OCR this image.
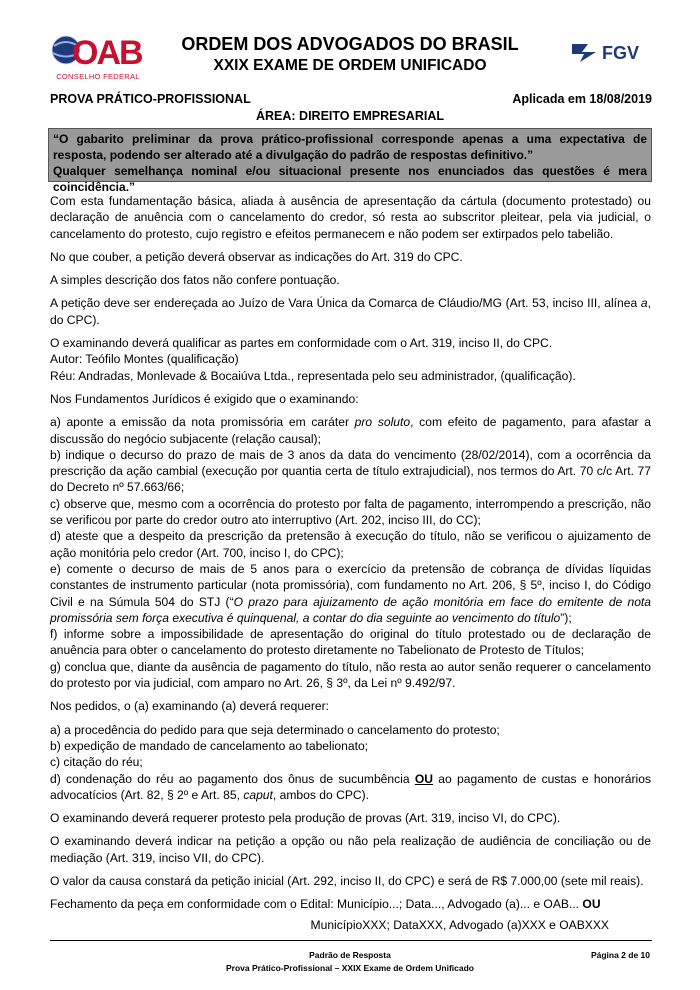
OAB
CONSELHO FEDERAL
ORDEM DOS ADVOGADOS DO BRASIL
XXIX EXAME DE ORDEM UNIFICADO
FGV
PROVA PRÁTICO-PROFISSIONAL	Aplicada em 18/08/2019
ÁREA: DIREITO EMPRESARIAL
“O gabarito preliminar da prova prático-profissional corresponde apenas a uma expectativa de resposta, podendo ser alterado até a divulgação do padrão de respostas definitivo.”
Qualquer semelhança nominal e/ou situacional presente nos enunciados das questões é mera coincidência.”

Com esta fundamentação básica, aliada à ausência de apresentação da cártula (documento protestado) ou declaração de anuência com o cancelamento do credor, só resta ao subscritor pleitear, pela via judicial, o cancelamento do protesto, cujo registro e efeitos permanecem e não podem ser extirpados pelo tabelião.

No que couber, a petição deverá observar as indicações do Art. 319 do CPC.

A simples descrição dos fatos não confere pontuação.

A petição deve ser endereçada ao Juízo de Vara Única da Comarca de Cláudio/MG (Art. 53, inciso III, alínea a, do CPC).

O examinando deverá qualificar as partes em conformidade com o Art. 319, inciso II, do CPC.
Autor: Teófilo Montes (qualificação)
Réu: Andradas, Monlevade & Bocaiúva Ltda., representada pelo seu administrador, (qualificação).

Nos Fundamentos Jurídicos é exigido que o examinando:

a) aponte a emissão da nota promissória em caráter pro soluto, com efeito de pagamento, para afastar a discussão do negócio subjacente (relação causal);

b) indique o decurso do prazo de mais de 3 anos da data do vencimento (28/02/2014), com a ocorrência da prescrição da ação cambial (execução por quantia certa de título extrajudicial), nos termos do Art. 70 c/c Art. 77 do Decreto nº 57.663/66;

c) observe que, mesmo com a ocorrência do protesto por falta de pagamento, interrompendo a prescrição, não se verificou por parte do credor outro ato interruptivo (Art. 202, inciso III, do CC);

d) ateste que a despeito da prescrição da pretensão à execução do título, não se verificou o ajuizamento de ação monitória pelo credor (Art. 700, inciso I, do CPC);

e) comente o decurso de mais de 5 anos para o exercício da pretensão de cobrança de dívidas líquidas constantes de instrumento particular (nota promissória), com fundamento no Art. 206, § 5º, inciso I, do Código Civil e na Súmula 504 do STJ (“O prazo para ajuizamento de ação monitória em face do emitente de nota promissória sem força executiva é quinquenal, a contar do dia seguinte ao vencimento do título”);

f) informe sobre a impossibilidade de apresentação do original do título protestado ou de declaração de anuência para obter o cancelamento do protesto diretamente no Tabelionato de Protesto de Títulos;

g) conclua que, diante da ausência de pagamento do título, não resta ao autor senão requerer o cancelamento do protesto por via judicial, com amparo no Art. 26, § 3º, da Lei nº 9.492/97.

Nos pedidos, o (a) examinando (a) deverá requerer:

a) a procedência do pedido para que seja determinado o cancelamento do protesto;

b) expedição de mandado de cancelamento ao tabelionato;

c) citação do réu;

d) condenação do réu ao pagamento dos ônus de sucumbência OU ao pagamento de custas e honorários advocatícios (Art. 82, § 2º e Art. 85, caput, ambos do CPC).

O examinando deverá requerer protesto pela produção de provas (Art. 319, inciso VI, do CPC).

O examinando deverá indicar na petição a opção ou não pela realização de audiência de conciliação ou de mediação (Art. 319, inciso VII, do CPC).

O valor da causa constará da petição inicial (Art. 292, inciso II, do CPC) e será de R$ 7.000,00 (sete mil reais).

Fechamento da peça em conformidade com o Edital: Município...; Data..., Advogado (a)... e OAB... OU

MunicípioXXX; DataXXX, Advogado (a)XXX e OABXXX

Padrão de Resposta
Prova Prático-Profissional – XXIX Exame de Ordem Unificado
Página 2 de 10
